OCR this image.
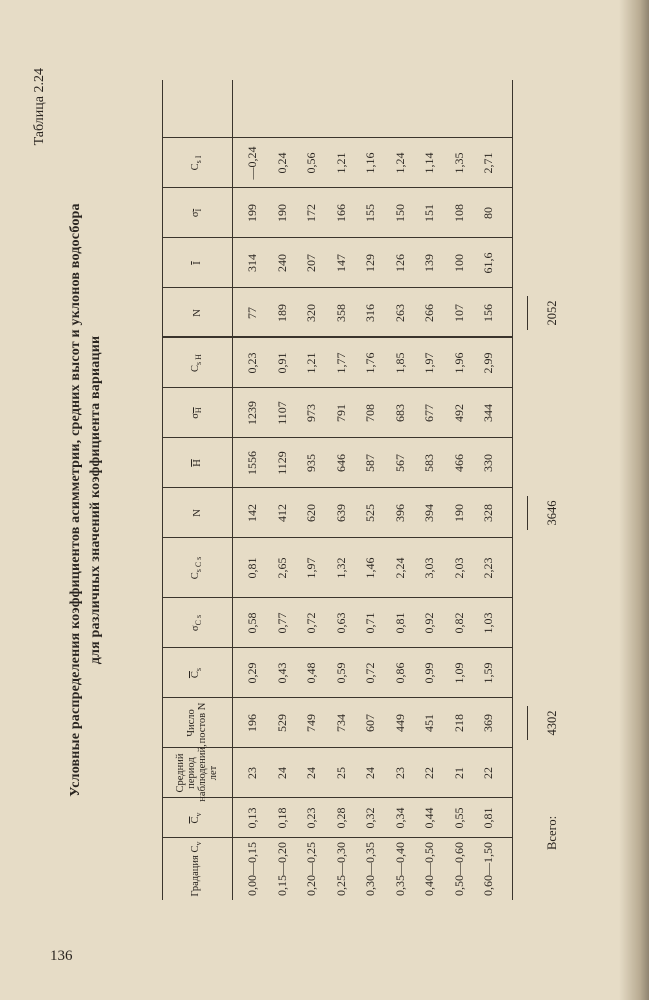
136
Таблица 2.24
Условные распределения коэффициентов асимметрии, средних высот и уклонов водосбора для различных значений коэффициента вариации
Градация $C_v$
$\overline{C}_v$
Средний период наблюдений, лет
Число постов N
$\overline{C}_s$
$\sigma_{C s}$
$C_{s C s}$
N
$\overline{H}$
$\sigma_{\overline{H}}$
$C_{s H}$
N
$\overline{I}$
$\sigma_{\overline{I}}$
$C_{s I}$
0,00—0,15
0,13
23
196
0,29
0,58
0,81
142
1556
1239
0,23
77
314
199
—0,24
0,15—0,20
0,18
24
529
0,43
0,77
2,65
412
1129
1107
0,91
189
240
190
0,24
0,20—0,25
0,23
24
749
0,48
0,72
1,97
620
935
973
1,21
320
207
172
0,56
0,25—0,30
0,28
25
734
0,59
0,63
1,32
639
646
791
1,77
358
147
166
1,21
0,30—0,35
0,32
24
607
0,72
0,71
1,46
525
587
708
1,76
316
129
155
1,16
0,35—0,40
0,34
23
449
0,86
0,81
2,24
396
567
683
1,85
263
126
150
1,24
0,40—0,50
0,44
22
451
0,99
0,92
3,03
394
583
677
1,97
266
139
151
1,14
0,50—0,60
0,55
21
218
1,09
0,82
2,03
190
466
492
1,96
107
100
108
1,35
0,60—1,50
0,81
22
369
1,59
1,03
2,23
328
330
344
2,99
156
61,6
80
2,71
Всего:
4302
3646
2052
